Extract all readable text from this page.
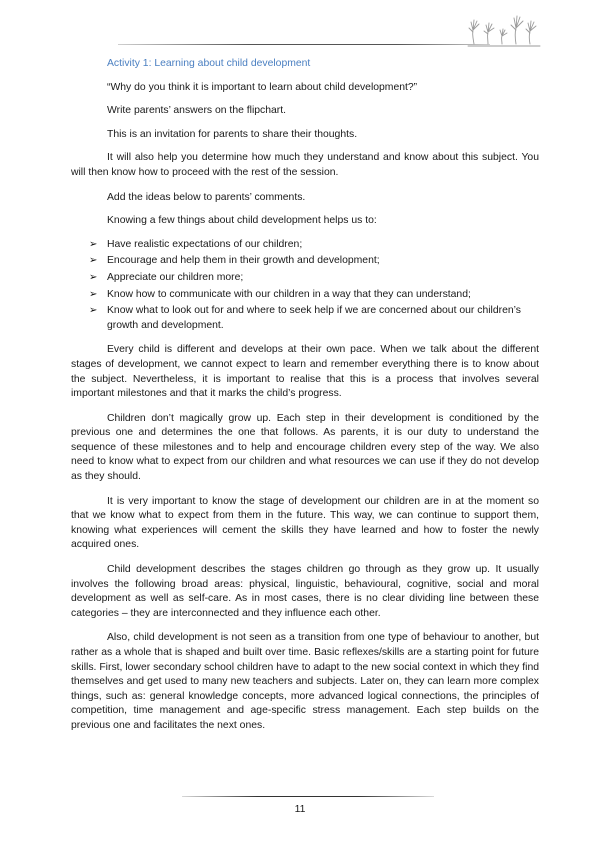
Activity 1: Learning about child development

“Why do you think it is important to learn about child development?”

Write parents’ answers on the flipchart.

This is an invitation for parents to share their thoughts.

It will also help you determine how much they understand and know about this subject. You will then know how to proceed with the rest of the session.

Add the ideas below to parents’ comments.

Knowing a few things about child development helps us to:

➢ Have realistic expectations of our children;
➢ Encourage and help them in their growth and development;
➢ Appreciate our children more;
➢ Know how to communicate with our children in a way that they can understand;
➢ Know what to look out for and where to seek help if we are concerned about our children’s growth and development.

Every child is different and develops at their own pace. When we talk about the different stages of development, we cannot expect to learn and remember everything there is to know about the subject. Nevertheless, it is important to realise that this is a process that involves several important milestones and that it marks the child’s progress.

Children don’t magically grow up. Each step in their development is conditioned by the previous one and determines the one that follows. As parents, it is our duty to understand the sequence of these milestones and to help and encourage children every step of the way. We also need to know what to expect from our children and what resources we can use if they do not develop as they should.

It is very important to know the stage of development our children are in at the moment so that we know what to expect from them in the future. This way, we can continue to support them, knowing what experiences will cement the skills they have learned and how to foster the newly acquired ones.

Child development describes the stages children go through as they grow up. It usually involves the following broad areas: physical, linguistic, behavioural, cognitive, social and moral development as well as self-care. As in most cases, there is no clear dividing line between these categories – they are interconnected and they influence each other.

Also, child development is not seen as a transition from one type of behaviour to another, but rather as a whole that is shaped and built over time. Basic reflexes/skills are a starting point for future skills. First, lower secondary school children have to adapt to the new social context in which they find themselves and get used to many new teachers and subjects. Later on, they can learn more complex things, such as: general knowledge concepts, more advanced logical connections, the principles of competition, time management and age-specific stress management. Each step builds on the previous one and facilitates the next ones.

11
